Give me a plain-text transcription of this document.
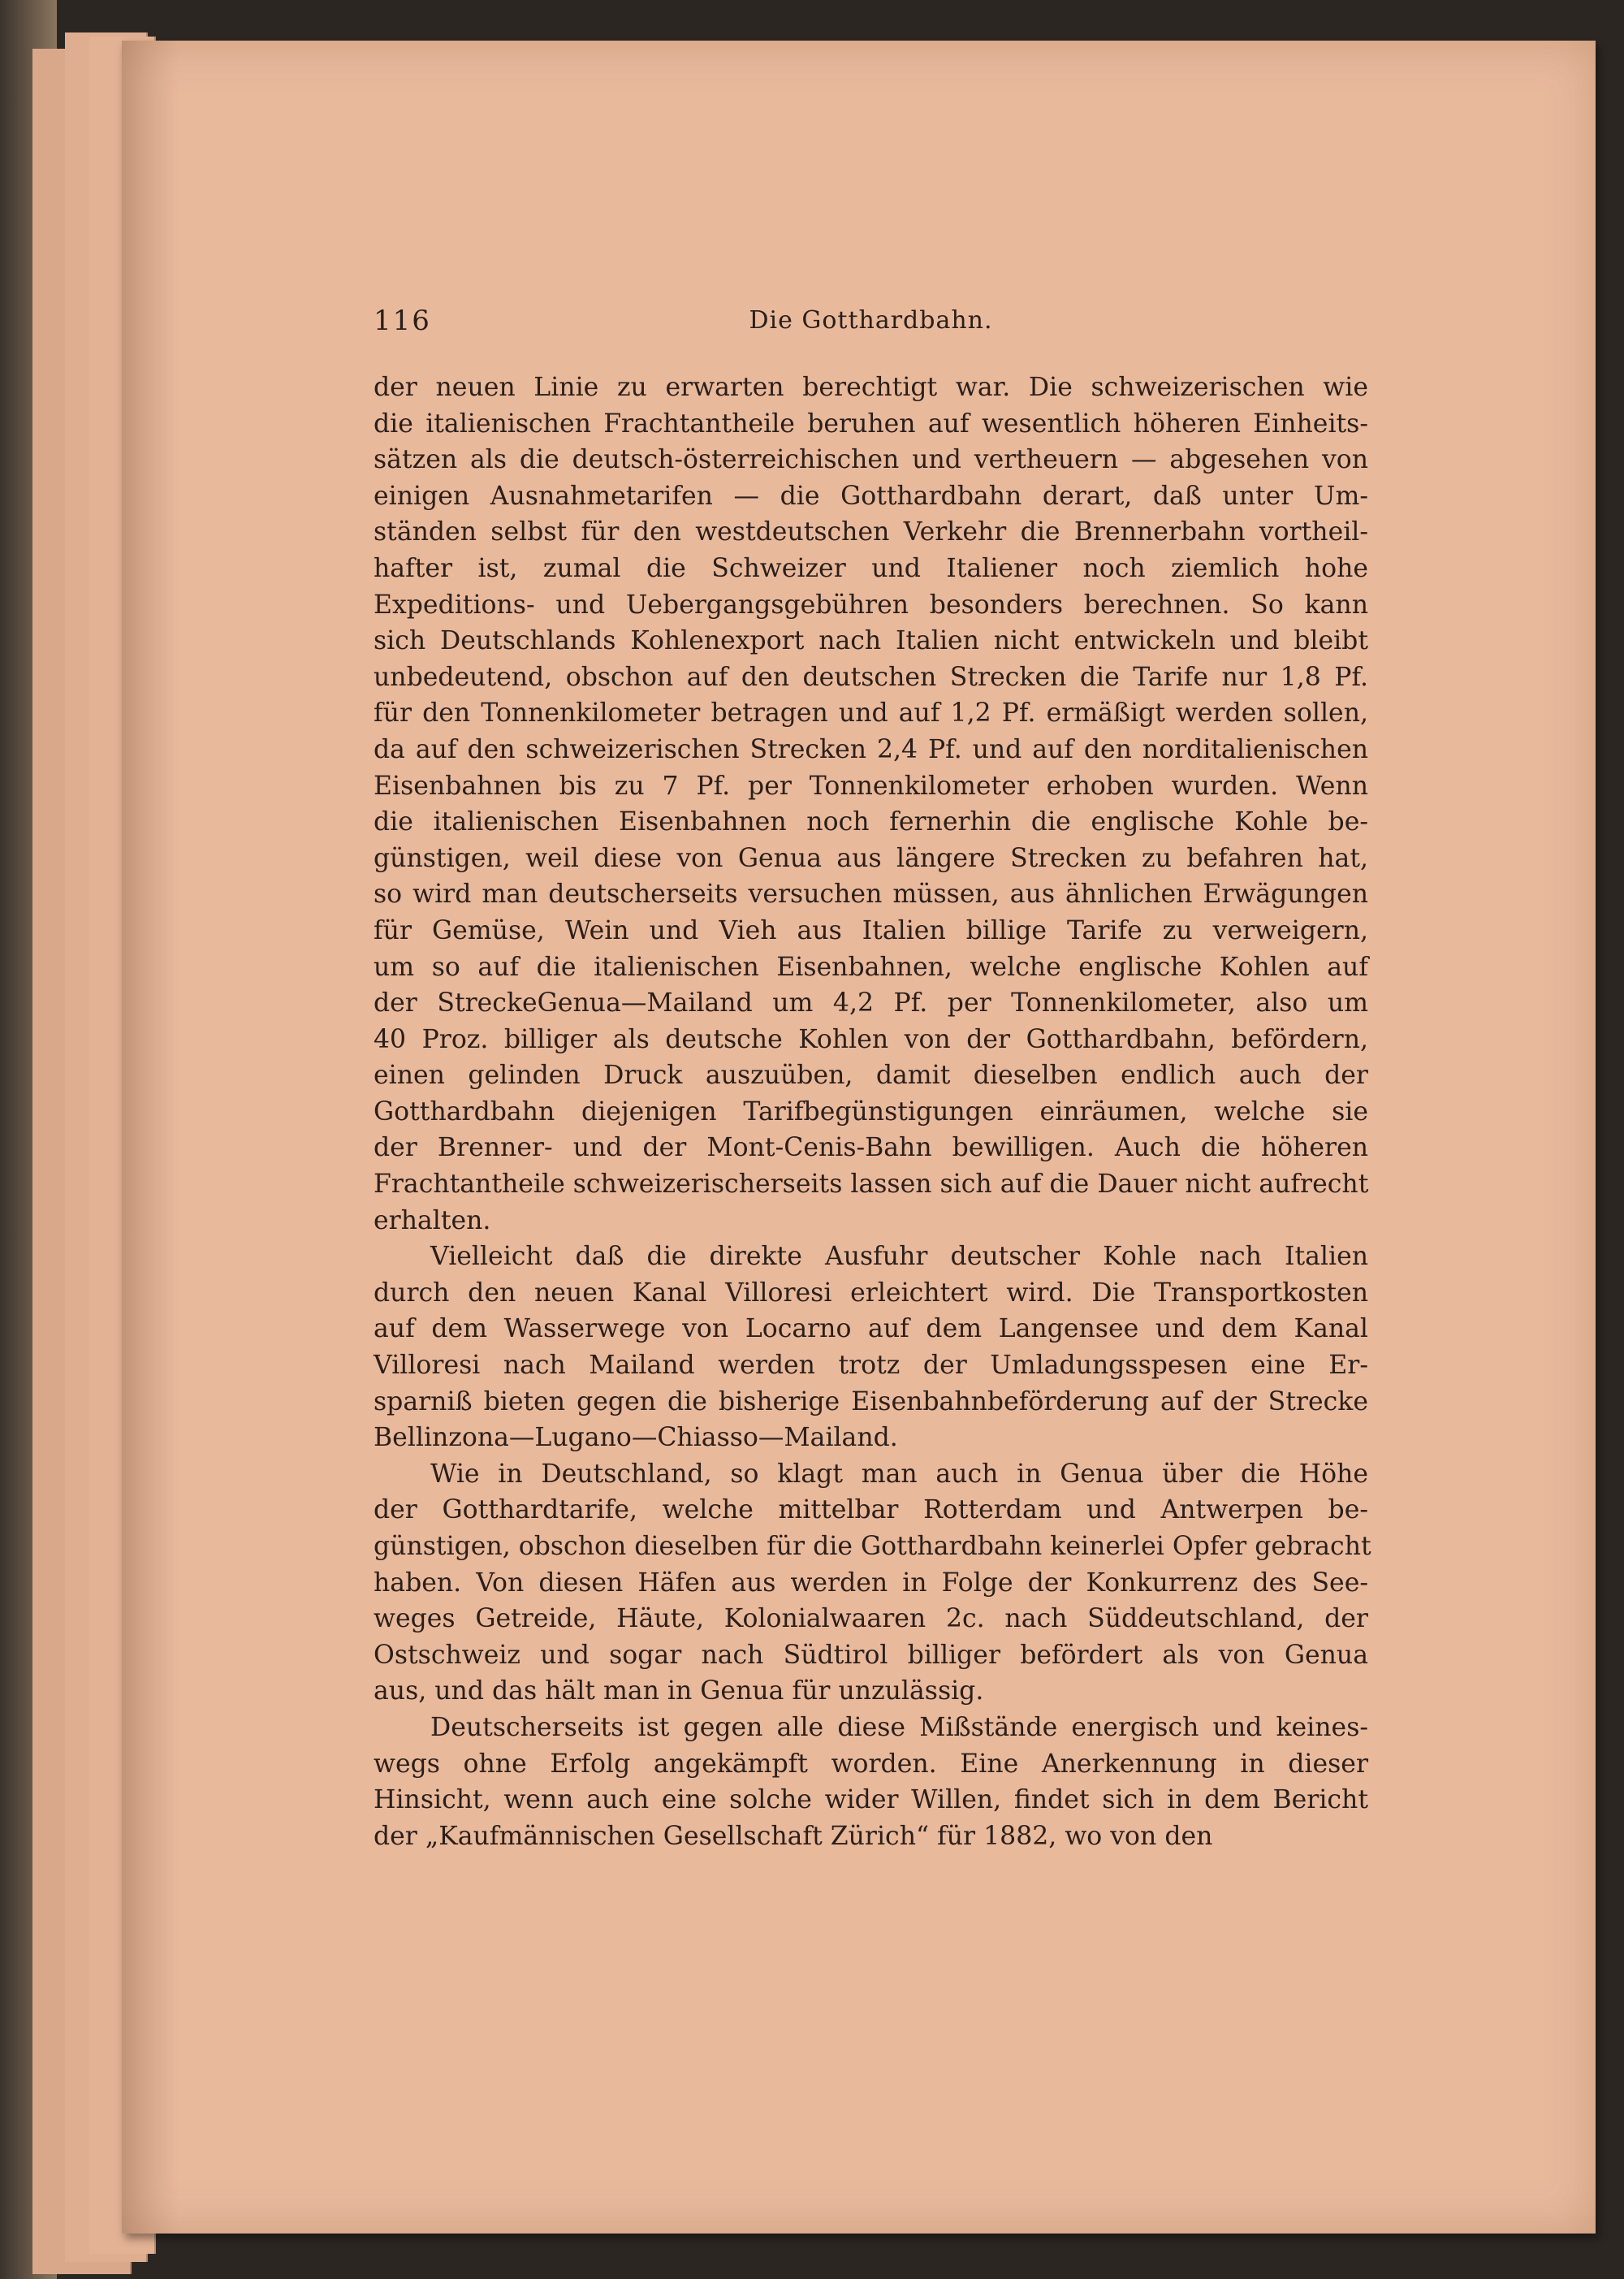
116	Die Gotthardbahn.
der neuen Linie zu erwarten berechtigt war. Die schweizerischen wie
die italienischen Frachtantheile beruhen auf wesentlich höheren Einheits-
sätzen als die deutsch-österreichischen und vertheuern — abgesehen von
einigen Ausnahmetarifen — die Gotthardbahn derart, daß unter Um-
ständen selbst für den westdeutschen Verkehr die Brennerbahn vortheil-
hafter ist, zumal die Schweizer und Italiener noch ziemlich hohe
Expeditions- und Uebergangsgebühren besonders berechnen. So kann
sich Deutschlands Kohlenexport nach Italien nicht entwickeln und bleibt
unbedeutend, obschon auf den deutschen Strecken die Tarife nur 1,8 Pf.
für den Tonnenkilometer betragen und auf 1,2 Pf. ermäßigt werden sollen,
da auf den schweizerischen Strecken 2,4 Pf. und auf den norditalienischen
Eisenbahnen bis zu 7 Pf. per Tonnenkilometer erhoben wurden. Wenn
die italienischen Eisenbahnen noch fernerhin die englische Kohle be-
günstigen, weil diese von Genua aus längere Strecken zu befahren hat,
so wird man deutscherseits versuchen müssen, aus ähnlichen Erwägungen
für Gemüse, Wein und Vieh aus Italien billige Tarife zu verweigern,
um so auf die italienischen Eisenbahnen, welche englische Kohlen auf
der StreckeGenua—Mailand um 4,2 Pf. per Tonnenkilometer, also um
40 Proz. billiger als deutsche Kohlen von der Gotthardbahn, befördern,
einen gelinden Druck auszuüben, damit dieselben endlich auch der
Gotthardbahn diejenigen Tarifbegünstigungen einräumen, welche sie
der Brenner- und der Mont-Cenis-Bahn bewilligen. Auch die höheren
Frachtantheile schweizerischerseits lassen sich auf die Dauer nicht aufrecht
erhalten.
Vielleicht daß die direkte Ausfuhr deutscher Kohle nach Italien
durch den neuen Kanal Villoresi erleichtert wird. Die Transportkosten
auf dem Wasserwege von Locarno auf dem Langensee und dem Kanal
Villoresi nach Mailand werden trotz der Umladungsspesen eine Er-
sparniß bieten gegen die bisherige Eisenbahnbeförderung auf der Strecke
Bellinzona—Lugano—Chiasso—Mailand.
Wie in Deutschland, so klagt man auch in Genua über die Höhe
der Gotthardtarife, welche mittelbar Rotterdam und Antwerpen be-
günstigen, obschon dieselben für die Gotthardbahn keinerlei Opfer gebracht
haben. Von diesen Häfen aus werden in Folge der Konkurrenz des See-
weges Getreide, Häute, Kolonialwaaren 2c. nach Süddeutschland, der
Ostschweiz und sogar nach Südtirol billiger befördert als von Genua
aus, und das hält man in Genua für unzulässig.
Deutscherseits ist gegen alle diese Mißstände energisch und keines-
wegs ohne Erfolg angekämpft worden. Eine Anerkennung in dieser
Hinsicht, wenn auch eine solche wider Willen, findet sich in dem Bericht
der „Kaufmännischen Gesellschaft Zürich“ für 1882, wo von den
